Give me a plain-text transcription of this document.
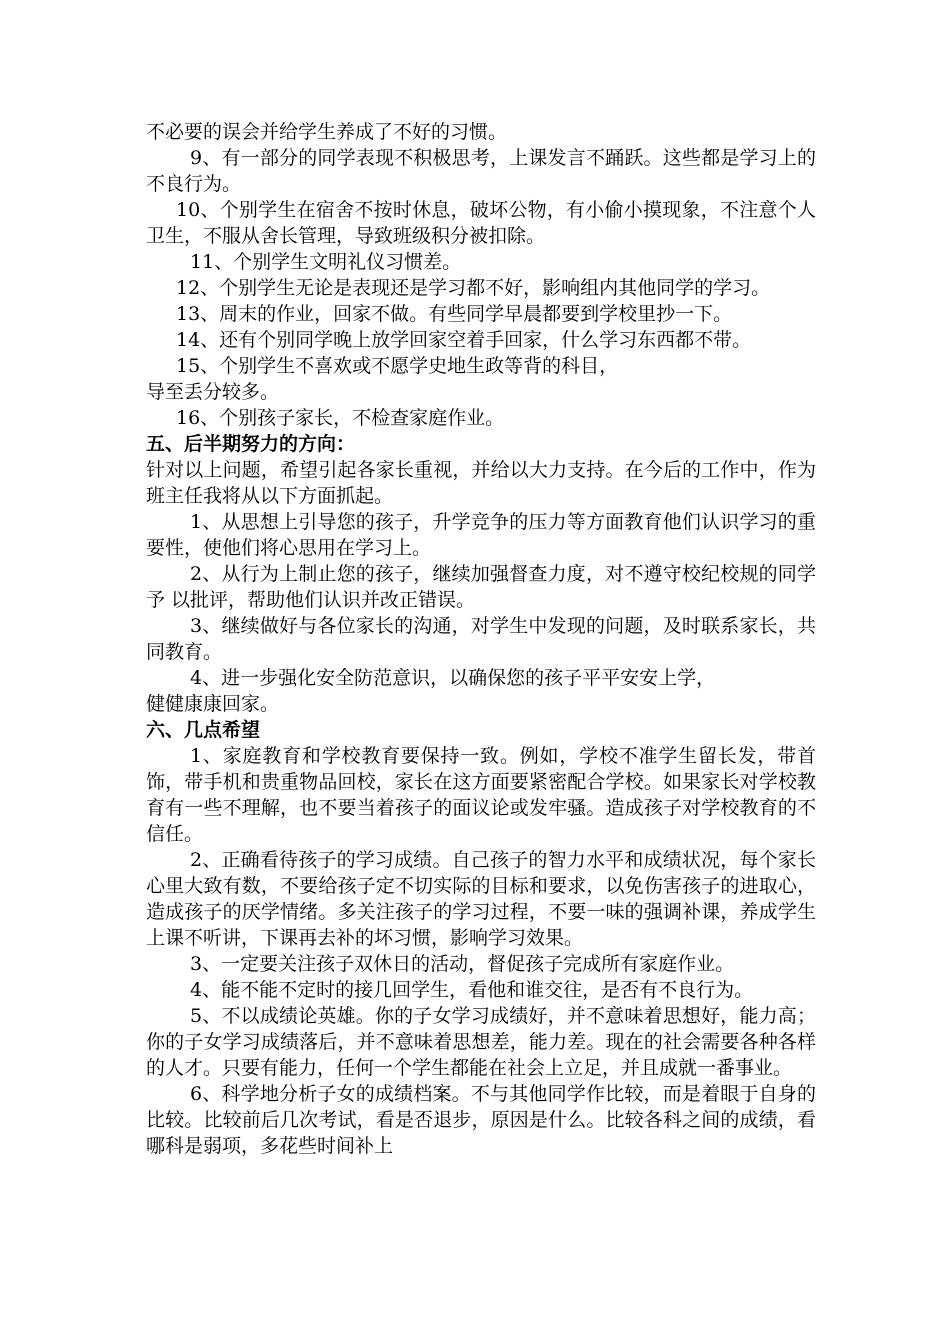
不必要的误会并给学生养成了不好的习惯。

9、有一部分的同学表现不积极思考，上课发言不踊跃。这些都是学习上的不良行为。

10、个别学生在宿舍不按时休息，破坏公物，有小偷小摸现象，不注意个人卫生，不服从舍长管理，导致班级积分被扣除。

11、个别学生文明礼仪习惯差。

12、个别学生无论是表现还是学习都不好，影响组内其他同学的学习。

13、周末的作业，回家不做。有些同学早晨都要到学校里抄一下。

14、还有个别同学晚上放学回家空着手回家，什么学习东西都不带。

15、个别学生不喜欢或不愿学史地生政等背的科目，

导至丢分较多。

16、个别孩子家长，不检查家庭作业。

五、后半期努力的方向：

针对以上问题，希望引起各家长重视，并给以大力支持。在今后的工作中，作为班主任我将从以下方面抓起。

1、从思想上引导您的孩子，升学竞争的压力等方面教育他们认识学习的重要性，使他们将心思用在学习上。

2、从行为上制止您的孩子，继续加强督查力度，对不遵守校纪校规的同学予 以批评，帮助他们认识并改正错误。

3、继续做好与各位家长的沟通，对学生中发现的问题，及时联系家长，共同教育。

4、进一步强化安全防范意识，以确保您的孩子平平安安上学，

健健康康回家。

六、几点希望

1、家庭教育和学校教育要保持一致。例如，学校不准学生留长发，带首饰，带手机和贵重物品回校，家长在这方面要紧密配合学校。如果家长对学校教育有一些不理解，也不要当着孩子的面议论或发牢骚。造成孩子对学校教育的不信任。

2、正确看待孩子的学习成绩。自己孩子的智力水平和成绩状况，每个家长心里大致有数，不要给孩子定不切实际的目标和要求，以免伤害孩子的进取心，造成孩子的厌学情绪。多关注孩子的学习过程，不要一味的强调补课，养成学生上课不听讲，下课再去补的坏习惯，影响学习效果。

3、一定要关注孩子双休日的活动，督促孩子完成所有家庭作业。

4、能不能不定时的接几回学生，看他和谁交往，是否有不良行为。

5、不以成绩论英雄。你的子女学习成绩好，并不意味着思想好，能力高；你的子女学习成绩落后，并不意味着思想差，能力差。现在的社会需要各种各样的人才。只要有能力，任何一个学生都能在社会上立足，并且成就一番事业。

6、科学地分析子女的成绩档案。不与其他同学作比较，而是着眼于自身的比较。比较前后几次考试，看是否退步，原因是什么。比较各科之间的成绩，看哪科是弱项，多花些时间补上
